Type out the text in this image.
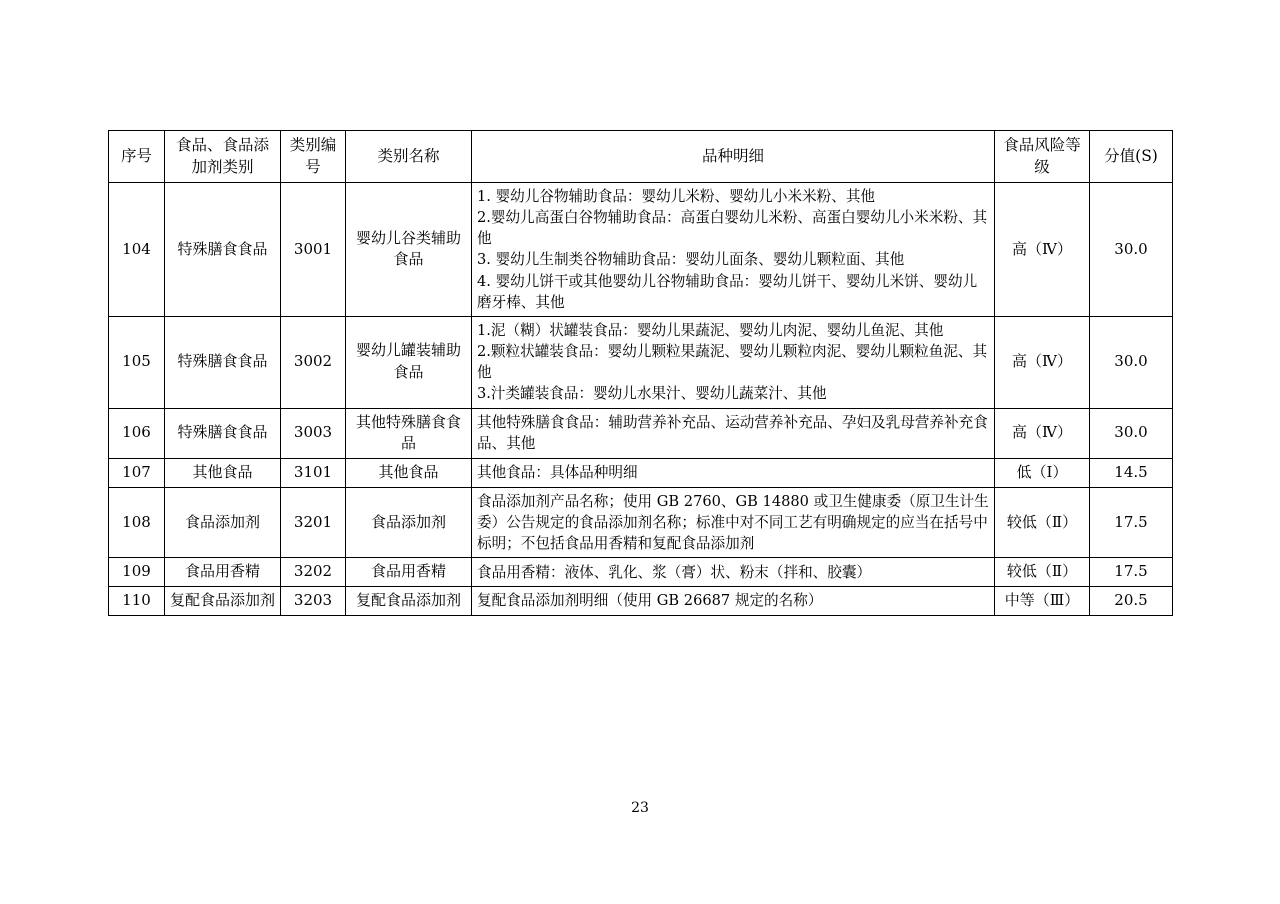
序号	食品、食品添加剂类别	类别编号	类别名称	品种明细	食品风险等级	分值(S)
104	特殊膳食食品	3001	婴幼儿谷类辅助食品	1. 婴幼儿谷物辅助食品：婴幼儿米粉、婴幼儿小米米粉、其他
2.婴幼儿高蛋白谷物辅助食品：高蛋白婴幼儿米粉、高蛋白婴幼儿小米米粉、其他
3. 婴幼儿生制类谷物辅助食品：婴幼儿面条、婴幼儿颗粒面、其他
4. 婴幼儿饼干或其他婴幼儿谷物辅助食品：婴幼儿饼干、婴幼儿米饼、婴幼儿磨牙棒、其他	高（Ⅳ）	30.0
105	特殊膳食食品	3002	婴幼儿罐装辅助食品	1.泥（糊）状罐装食品：婴幼儿果蔬泥、婴幼儿肉泥、婴幼儿鱼泥、其他
2.颗粒状罐装食品：婴幼儿颗粒果蔬泥、婴幼儿颗粒肉泥、婴幼儿颗粒鱼泥、其他
3.汁类罐装食品：婴幼儿水果汁、婴幼儿蔬菜汁、其他	高（Ⅳ）	30.0
106	特殊膳食食品	3003	其他特殊膳食食品	其他特殊膳食食品：辅助营养补充品、运动营养补充品、孕妇及乳母营养补充食品、其他	高（Ⅳ）	30.0
107	其他食品	3101	其他食品	其他食品：具体品种明细	低（Ⅰ）	14.5
108	食品添加剂	3201	食品添加剂	食品添加剂产品名称；使用 GB 2760、GB 14880 或卫生健康委（原卫生计生委）公告规定的食品添加剂名称；标准中对不同工艺有明确规定的应当在括号中标明；不包括食品用香精和复配食品添加剂	较低（Ⅱ）	17.5
109	食品用香精	3202	食品用香精	食品用香精：液体、乳化、浆（膏）状、粉末（拌和、胶囊）	较低（Ⅱ）	17.5
110	复配食品添加剂	3203	复配食品添加剂	复配食品添加剂明细（使用 GB 26687 规定的名称）	中等（Ⅲ）	20.5
23
